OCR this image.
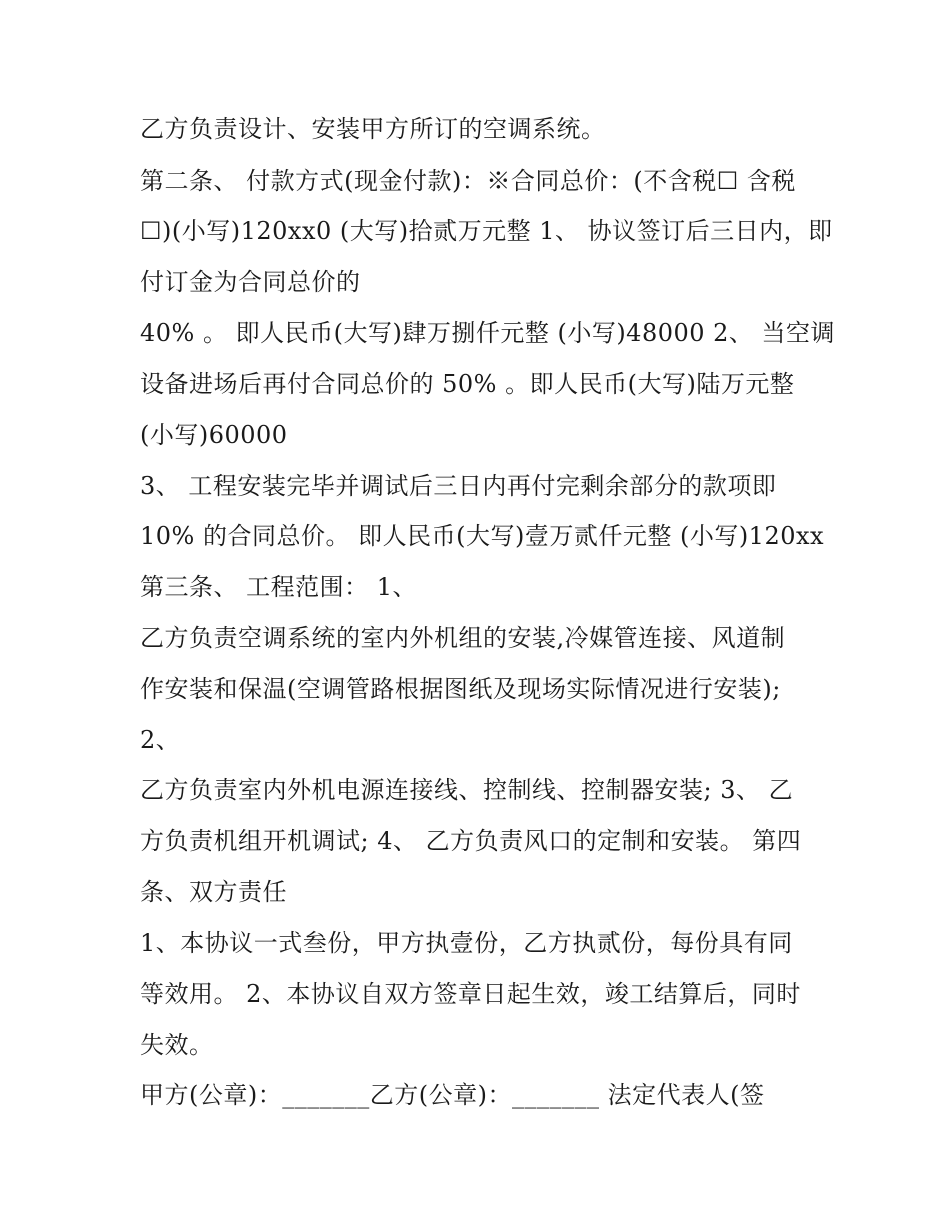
乙方负责设计、安装甲方所订的空调系统。
第二条、 付款方式(现金付款)：※合同总价：(不含税☐ 含税
☐)(小写)120xx0 (大写)拾贰万元整 1、 协议签订后三日内，即
付订金为合同总价的
40% 。 即人民币(大写)肆万捌仟元整 (小写)48000 2、 当空调
设备进场后再付合同总价的 50% 。即人民币(大写)陆万元整
(小写)60000
3、 工程安装完毕并调试后三日内再付完剩余部分的款项即
10% 的合同总价。 即人民币(大写)壹万贰仟元整 (小写)120xx
第三条、 工程范围： 1、
乙方负责空调系统的室内外机组的安装,冷媒管连接、风道制
作安装和保温(空调管路根据图纸及现场实际情况进行安装);
2、
乙方负责室内外机电源连接线、控制线、控制器安装; 3、 乙
方负责机组开机调试; 4、 乙方负责风口的定制和安装。 第四
条、双方责任
1、本协议一式叁份，甲方执壹份，乙方执贰份，每份具有同
等效用。 2、本协议自双方签章日起生效，竣工结算后，同时
失效。
甲方(公章)：_______乙方(公章)：_______ 法定代表人(签
